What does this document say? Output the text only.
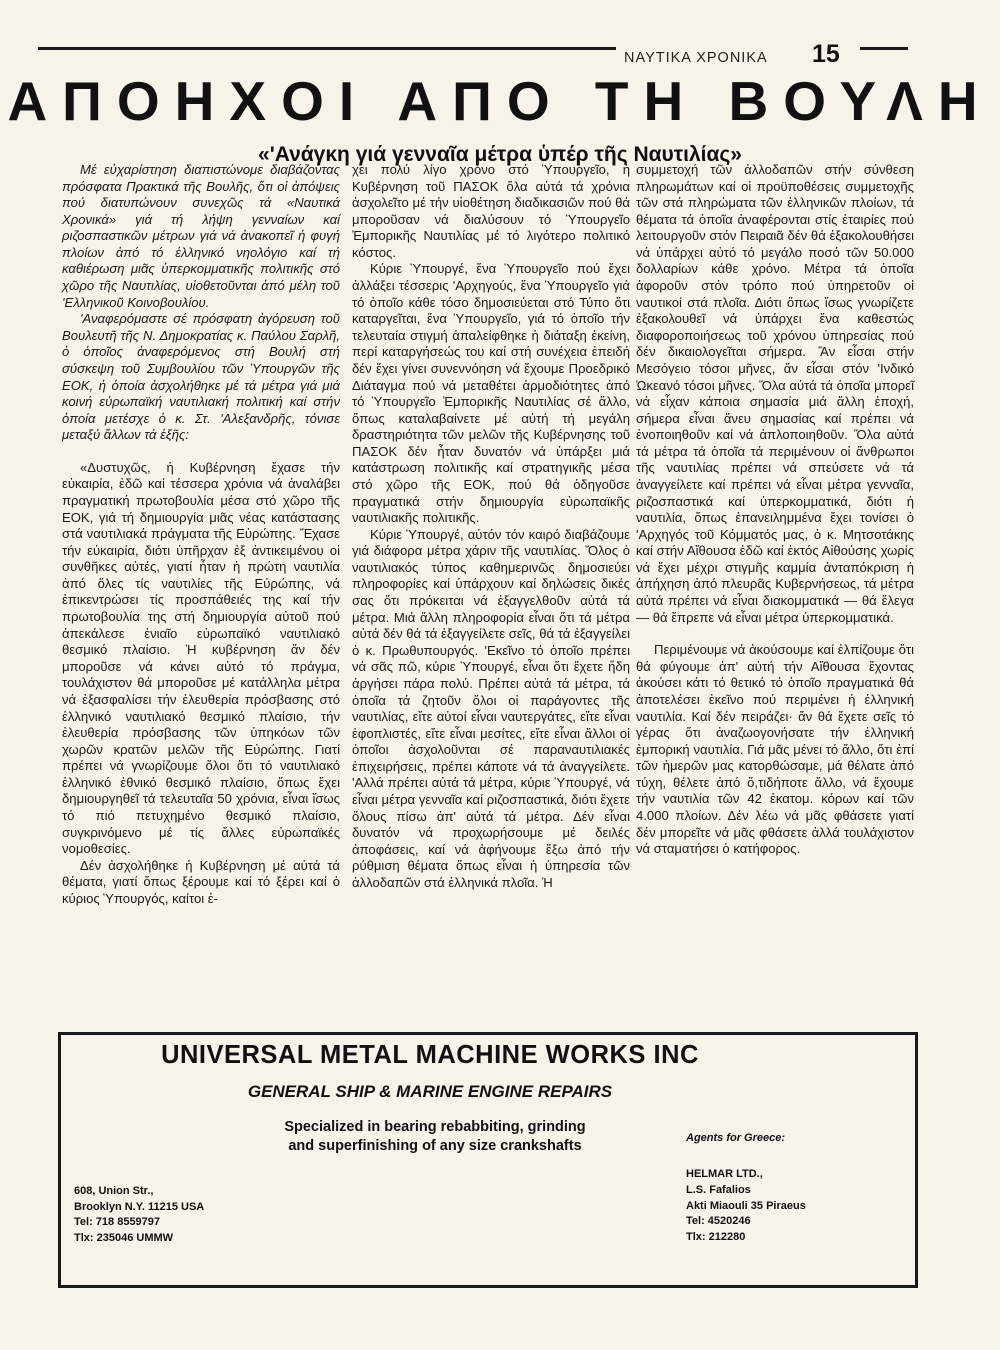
ΝΑΥΤΙΚΑ ΧΡΟΝΙΚΑ 15
ΑΠΟΗΧΟΙ ΑΠΟ ΤΗ ΒΟΥΛΗ
«'Ανάγκη γιά γενναῖα μέτρα ὑπέρ τῆς Ναυτιλίας»

Μέ εὐχαρίστηση διαπιστώνομε διαβάζοντας πρόσφατα Πρακτικά τῆς Βουλῆς, ὅτι οἱ ἀπόψεις πού διατυπώνουν συνεχῶς τά «Ναυτικά Χρονικά» γιά τή λήψη γενναίων καί ριζοσπαστικῶν μέτρων γιά νά ἀνακοπεῖ ἡ φυγή πλοίων ἀπό τό ἑλληνικό νηολόγιο καί τή καθιέρωση μιᾶς ὑπερκομματικῆς πολιτικῆς στό χῶρο τῆς Ναυτιλίας, υἱοθετοῦνται ἀπό μέλη τοῦ 'Ελληνικοῦ Κοινοβουλίου.

'Αναφερόμαστε σέ πρόσφατη ἀγόρευση τοῦ Βουλευτῆ τῆς Ν. Δημοκρατίας κ. Παύλου Σαρλῆ, ὁ ὁποῖος ἀναφερόμενος στή Βουλή στή σύσκεψη τοῦ Συμβουλίου τῶν Ὑπουργῶν τῆς ΕΟΚ, ἡ ὁποία ἀσχολήθηκε μέ τά μέτρα γιά μιά κοινή εὐρωπαϊκή ναυτιλιακή πολιτική καί στήν ὁποία μετέσχε ὁ κ. Στ. 'Αλεξανδρῆς, τόνισε μεταξύ ἄλλων τά ἑξῆς:

«Δυστυχῶς, ἡ Κυβέρνηση ἔχασε τήν εὐκαιρία, ἐδῶ καί τέσσερα χρόνια νά ἀναλάβει πραγματική πρωτοβουλία μέσα στό χῶρο τῆς ΕΟΚ, γιά τή δημιουργία μιᾶς νέας κατάστασης στά ναυτιλιακά πράγματα τῆς Εὐρώπης. Ἔχασε τήν εὐκαιρία, διότι ὑπῆρχαν ἐξ ἀντικειμένου οἱ συνθῆκες αὐτές, γιατί ἦταν ἡ πρώτη ναυτιλία ἀπό ὅλες τίς ναυτιλίες τῆς Εὐρώπης, νά ἐπικεντρώσει τίς προσπάθειές της καί τήν πρωτοβουλία της στή δημιουργία αὐτοῦ πού ἀπεκάλεσε ἑνιαῖο εὐρωπαϊκό ναυτιλιακό θεσμικό πλαίσιο. Ἡ κυβέρνηση ἄν δέν μποροῦσε νά κάνει αὐτό τό πράγμα, τουλάχιστον θά μποροῦσε μέ κατάλληλα μέτρα νά ἐξασφαλίσει τήν ἐλευθερία πρόσβασης στό ἑλληνικό ναυτιλιακό θεσμικό πλαίσιο, τήν ἐλευθερία πρόσβασης τῶν ὑπηκόων τῶν χωρῶν κρατῶν μελῶν τῆς Εὐρώπης. Γιατί πρέπει νά γνωρίζουμε ὅλοι ὅτι τό ναυτιλιακό ἑλληνικό ἐθνικό θεσμικό πλαίσιο, ὅπως ἔχει δημιουργηθεῖ τά τελευταῖα 50 χρόνια, εἶναι ἴσως τό πιό πετυχημένο θεσμικό πλαίσιο, συγκρινόμενο μέ τίς ἄλλες εὐρωπαϊκές νομοθεσίες.

Δέν ἀσχολήθηκε ἡ Κυβέρνηση μέ αὐτά τά θέματα, γιατί ὅπως ξέρουμε καί τό ξέρει καί ὁ κύριος Ὑπουργός, καίτοι ἐ-

χει πολύ λίγο χρόνο στό Ὑπουργεῖο, ἡ Κυβέρνηση τοῦ ΠΑΣΟΚ ὅλα αὐτά τά χρόνια ἀσχολεῖτο μέ τήν υἱοθέτηση διαδικασιῶν πού θά μποροῦσαν νά διαλύσουν τό Ὑπουργεῖο Ἐμπορικῆς Ναυτιλίας μέ τό λιγότερο πολιτικό κόστος.

Κύριε Ὑπουργέ, ἕνα Ὑπουργεῖο πού ἔχει ἀλλάξει τέσσερις 'Αρχηγούς, ἕνα Ὑπουργεῖο γιά τό ὁποῖο κάθε τόσο δημοσιεύεται στό Τύπο ὅτι καταργεῖται, ἕνα Ὑπουργεῖο, γιά τό ὁποῖο τήν τελευταία στιγμή ἀπαλείφθηκε ἡ διάταξη ἐκείνη, περί καταργήσεώς του καί στή συνέχεια ἐπειδή δέν ἔχει γίνει συνεννόηση νά ἔχουμε Προεδρικό Διάταγμα πού νά μεταθέτει ἁρμοδιότητες ἀπό τό Ὑπουργεῖο Ἐμπορικῆς Ναυτιλίας σέ ἄλλο, ὅπως καταλαβαίνετε μέ αὐτή τή μεγάλη δραστηριότητα τῶν μελῶν τῆς Κυβέρνησης τοῦ ΠΑΣΟΚ δέν ἦταν δυνατόν νά ὑπάρξει μιά κατάστρωση πολιτικῆς καί στρατηγικῆς μέσα στό χῶρο τῆς ΕΟΚ, πού θά ὁδηγοῦσε πραγματικά στήν δημιουργία εὐρωπαϊκῆς ναυτιλιακῆς πολιτικῆς.

Κύριε Ὑπουργέ, αὐτόν τόν καιρό διαβάζουμε γιά διάφορα μέτρα χάριν τῆς ναυτιλίας. Ὅλος ὁ ναυτιλιακός τύπος καθημερινῶς δημοσιεύει πληροφορίες καί ὑπάρχουν καί δηλώσεις δικές σας ὅτι πρόκειται νά ἐξαγγελθοῦν αὐτά τά μέτρα. Μιά ἄλλη πληροφορία εἶναι ὅτι τά μέτρα αὐτά δέν θά τά ἐξαγγείλετε σεῖς, θά τά ἐξαγγείλει ὁ κ. Πρωθυπουργός. 'Εκεῖνο τό ὁποῖο πρέπει νά σᾶς πῶ, κύριε Ὑπουργέ, εἶναι ὅτι ἔχετε ἤδη ἀργήσει πάρα πολύ. Πρέπει αὐτά τά μέτρα, τά ὁποῖα τά ζητοῦν ὅλοι οἱ παράγοντες τῆς ναυτιλίας, εἴτε αὐτοί εἶναι ναυτεργάτες, εἴτε εἶναι ἐφοπλιστές, εἴτε εἶναι μεσίτες, εἴτε εἶναι ἄλλοι οἱ ὁποῖοι ἀσχολοῦνται σέ παραναυτιλιακές ἐπιχειρήσεις, πρέπει κάποτε νά τά ἀναγγείλετε. 'Αλλά πρέπει αὐτά τά μέτρα, κύριε Ὑπουργέ, νά εἶναι μέτρα γενναῖα καί ριζοσπαστικά, διότι ἔχετε ὅλους πίσω ἀπ' αὐτά τά μέτρα. Δέν εἶναι δυνατόν νά προχωρήσουμε μέ δειλές ἀποφάσεις, καί νά ἀφήνουμε ἔξω ἀπό τήν ρύθμιση θέματα ὅπως εἶναι ἡ ὑπηρεσία τῶν ἀλλοδαπῶν στά ἑλληνικά πλοῖα. Ἡ

συμμετοχή τῶν ἀλλοδαπῶν στήν σύνθεση πληρωμάτων καί οἱ προϋποθέσεις συμμετοχῆς τῶν στά πληρώματα τῶν ἑλληνικῶν πλοίων, τά θέματα τά ὁποῖα ἀναφέρονται στίς ἑταιρίες πού λειτουργοῦν στόν Πειραιᾶ δέν θά ἐξακολουθήσει νά ὑπάρχει αὐτό τό μεγάλο ποσό τῶν 50.000 δολλαρίων κάθε χρόνο. Μέτρα τά ὁποῖα ἀφοροῦν στόν τρόπο πού ὑπηρετοῦν οἱ ναυτικοί στά πλοῖα. Διότι ὅπως ἴσως γνωρίζετε ἐξακολουθεῖ νά ὑπάρχει ἕνα καθεστώς διαφοροποιήσεως τοῦ χρόνου ὑπηρεσίας πού δέν δικαιολογεῖται σήμερα. Ἄν εἶσαι στήν Μεσόγειο τόσοι μῆνες, ἄν εἶσαι στόν 'Ινδικό Ὠκεανό τόσοι μῆνες. Ὅλα αὐτά τά ὁποῖα μπορεῖ νά εἶχαν κάποια σημασία μιά ἄλλη ἐποχή, σήμερα εἶναι ἄνευ σημασίας καί πρέπει νά ἐνοποιηθοῦν καί νά ἀπλοποιηθοῦν. Ὅλα αὐτά τά μέτρα τά ὁποῖα τά περιμένουν οἱ ἄνθρωποι τῆς ναυτιλίας πρέπει νά σπεύσετε νά τά ἀναγγείλετε καί πρέπει νά εἶναι μέτρα γενναῖα, ριζοσπαστικά καί ὑπερκομματικά, διότι ἡ ναυτιλία, ὅπως ἐπανειλημμένα ἔχει τονίσει ὁ 'Αρχηγός τοῦ Κόμματός μας, ὁ κ. Μητσοτάκης καί στήν Αἴθουσα ἐδῶ καί ἐκτός Αἰθούσης χωρίς νά ἔχει μέχρι στιγμῆς καμμία ἀνταπόκριση ἡ ἀπήχηση ἀπό πλευρᾶς Κυβερνήσεως, τά μέτρα αὐτά πρέπει νά εἶναι διακομματικά — θά ἔλεγα — θά ἔπρεπε νά εἶναι μέτρα ὑπερκομματικά.

Περιμένουμε νά ἀκούσουμε καί ἐλπίζουμε ὅτι θά φύγουμε ἀπ' αὐτή τήν Αἴθουσα ἔχοντας ἀκούσει κάτι τό θετικό τό ὁποῖο πραγματικά θά ἀποτελέσει ἐκεῖνο πού περιμένει ἡ ἑλληνική ναυτιλία. Καί δέν πειράζει· ἄν θά ἔχετε σεῖς τό γέρας ὅτι ἀναζωογονήσατε τήν ἑλληνική ἐμπορική ναυτιλία. Γιά μᾶς μένει τό ἄλλο, ὅτι ἐπί τῶν ἡμερῶν μας κατορθώσαμε, μά θέλατε ἀπό τύχη, θέλετε ἀπό ὅ,τιδήποτε ἄλλο, νά ἔχουμε τήν ναυτιλία τῶν 42 ἑκατομ. κόρων καί τῶν 4.000 πλοίων. Δέν λέω νά μᾶς φθάσετε γιατί δέν μπορεῖτε νά μᾶς φθάσετε ἀλλά τουλάχιστον νά σταματήσει ὁ κατήφορος.

UNIVERSAL METAL MACHINE WORKS INC
GENERAL SHIP & MARINE ENGINE REPAIRS
Specialized in bearing rebabbiting, grinding
and superfinishing of any size crankshafts
608, Union Str.,
Brooklyn N.Y. 11215 USA
Tel: 718 8559797
Tlx: 235046 UMMW
Agents for Greece:
HELMAR LTD.,
L.S. Fafalios
Akti Miaouli 35 Piraeus
Tel: 4520246
Tlx: 212280
